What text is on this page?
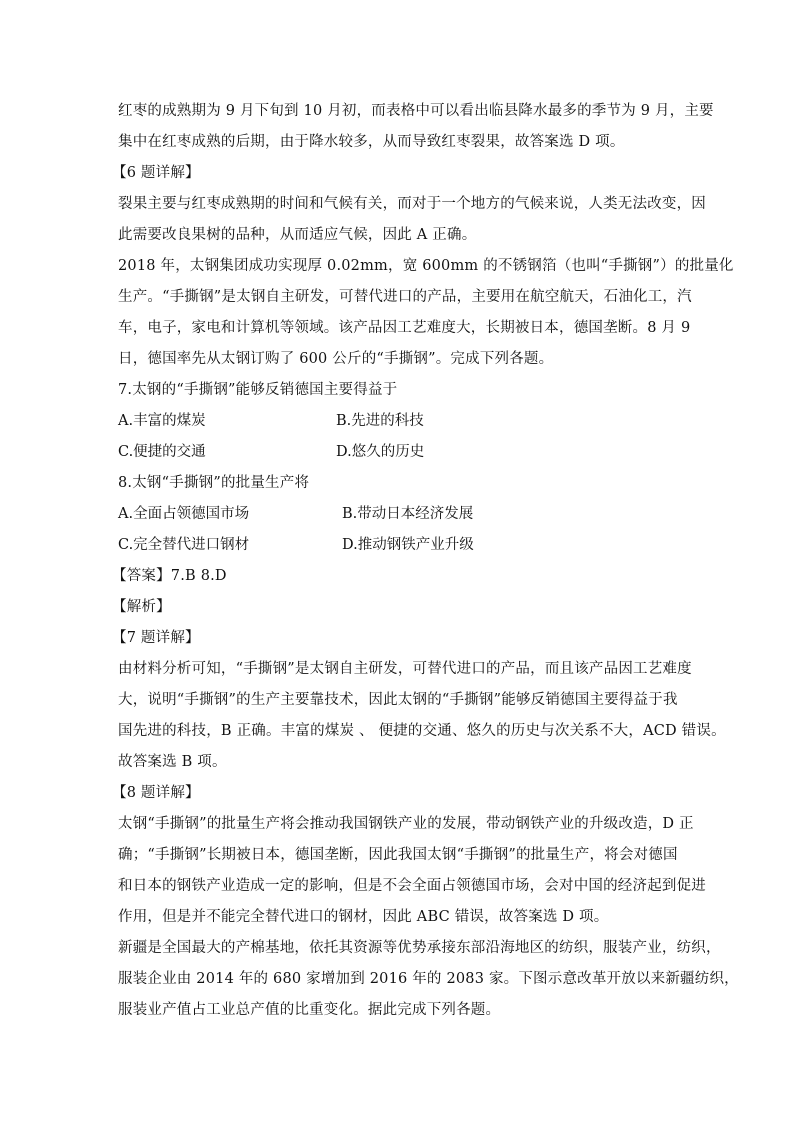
红枣的成熟期为 9 月下旬到 10 月初，而表格中可以看出临县降水最多的季节为 9 月，主要
集中在红枣成熟的后期，由于降水较多，从而导致红枣裂果，故答案选 D 项。
【6 题详解】
裂果主要与红枣成熟期的时间和气候有关，而对于一个地方的气候来说，人类无法改变，因
此需要改良果树的品种，从而适应气候，因此 A 正确。
2018 年，太钢集团成功实现厚 0.02mm，宽 600mm 的不锈钢箔（也叫“手撕钢”）的批量化
生产。“手撕钢”是太钢自主研发，可替代进口的产品，主要用在航空航天，石油化工，汽
车，电子，家电和计算机等领域。该产品因工艺难度大，长期被日本，德国垄断。8 月 9
日，德国率先从太钢订购了 600 公斤的“手撕钢”。完成下列各题。
7.太钢的“手撕钢”能够反销德国主要得益于
A.丰富的煤炭	B.先进的科技
C.便捷的交通	D.悠久的历史
8.太钢“手撕钢”的批量生产将
A.全面占领德国市场	B.带动日本经济发展
C.完全替代进口钢材	D.推动钢铁产业升级
【答案】7.B 8.D
【解析】
【7 题详解】
由材料分析可知，“手撕钢”是太钢自主研发，可替代进口的产品，而且该产品因工艺难度
大，说明“手撕钢”的生产主要靠技术，因此太钢的“手撕钢”能够反销德国主要得益于我
国先进的科技，B 正确。丰富的煤炭 、 便捷的交通、悠久的历史与次关系不大，ACD 错误。
故答案选 B 项。
【8 题详解】
太钢“手撕钢”的批量生产将会推动我国钢铁产业的发展，带动钢铁产业的升级改造，D 正
确；“手撕钢”长期被日本，德国垄断，因此我国太钢“手撕钢”的批量生产，将会对德国
和日本的钢铁产业造成一定的影响，但是不会全面占领德国市场，会对中国的经济起到促进
作用，但是并不能完全替代进口的钢材，因此 ABC 错误，故答案选 D 项。
新疆是全国最大的产棉基地，依托其资源等优势承接东部沿海地区的纺织，服装产业，纺织，
服装企业由 2014 年的 680 家增加到 2016 年的 2083 家。下图示意改革开放以来新疆纺织，
服装业产值占工业总产值的比重变化。据此完成下列各题。
